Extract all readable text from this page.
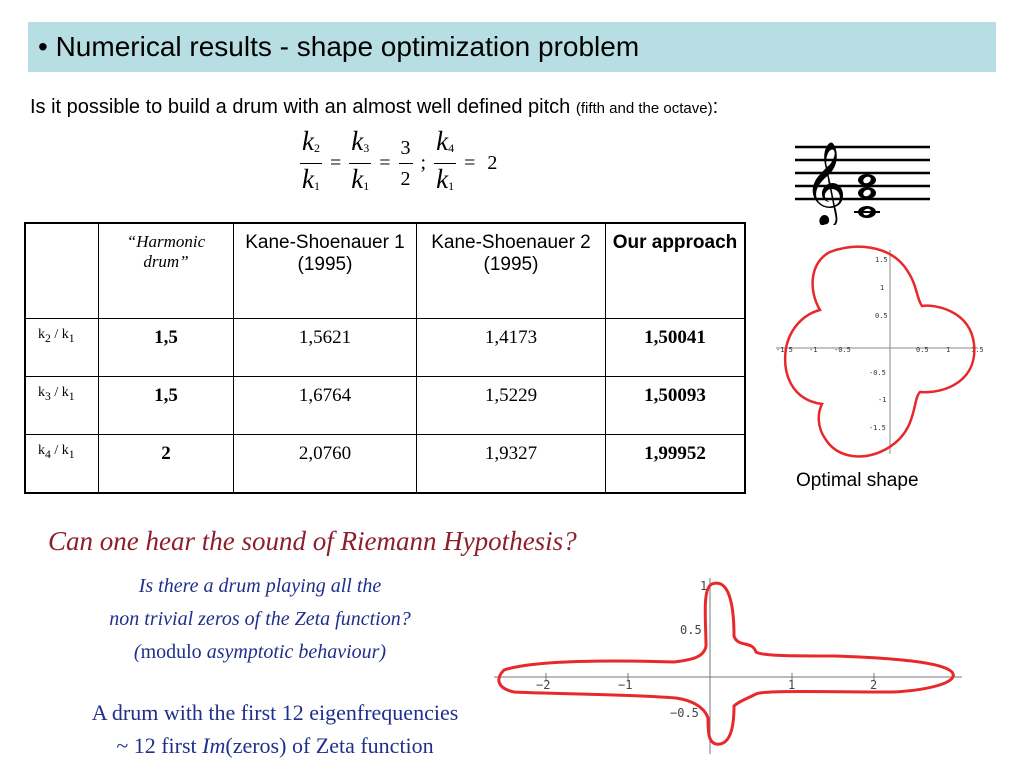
• Numerical results - shape optimization problem
Is it possible to build a drum with an almost well defined pitch (fifth and the octave):
$\frac{k_2}{k_1} = \frac{k_3}{k_1} = \frac{3}{2}$ ; $\frac{k_4}{k_1} = 2$	𝄞
	“Harmonic drum”	Kane-Shoenauer 1 (1995)	Kane-Shoenauer 2 (1995)	Our approach
$k_2 / k_1$	1,5	1,5621	1,4173	1,50041
$k_3 / k_1$	1,5	1,6764	1,5229	1,50093
$k_4 / k_1$	2	2,0760	1,9327	1,99952
-1.5 -1 -0.5	0.5 1	1.5
1.5
1
0.5
-0.5
-1
-1.5
Optimal shape
Can one hear the sound of Riemann Hypothesis?
Is there a drum playing all the
non trivial zeros of the Zeta function?
(modulo asymptotic behaviour)
A drum with the first 12 eigenfrequencies
~ 12 first Im(zeros) of Zeta function
−2	−1	1	2
1
0.5
−0.5
